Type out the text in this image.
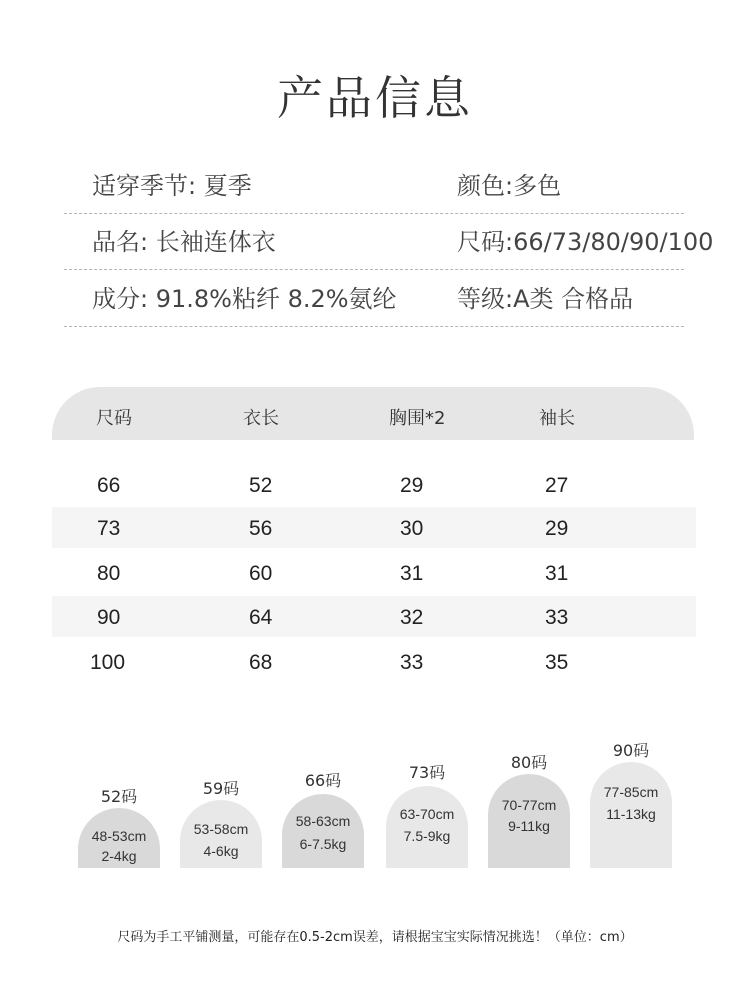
产品信息
适穿季节: 夏季	颜色:多色
品名: 长袖连体衣	尺码:66/73/80/90/100
成分: 91.8%粘纤 8.2%氨纶	等级:A类 合格品
尺码	衣长	胸围*2	袖长
66	52	29	27
73	56	30	29
80	60	31	31
90	64	32	33
100	68	33	35
52码
48-53cm
2-4kg
59码
53-58cm
4-6kg
66码
58-63cm
6-7.5kg
73码
63-70cm
7.5-9kg
80码
70-77cm
9-11kg
90码
77-85cm
11-13kg
尺码为手工平铺测量，可能存在0.5-2cm误差，请根据宝宝实际情况挑选！（单位：cm）
